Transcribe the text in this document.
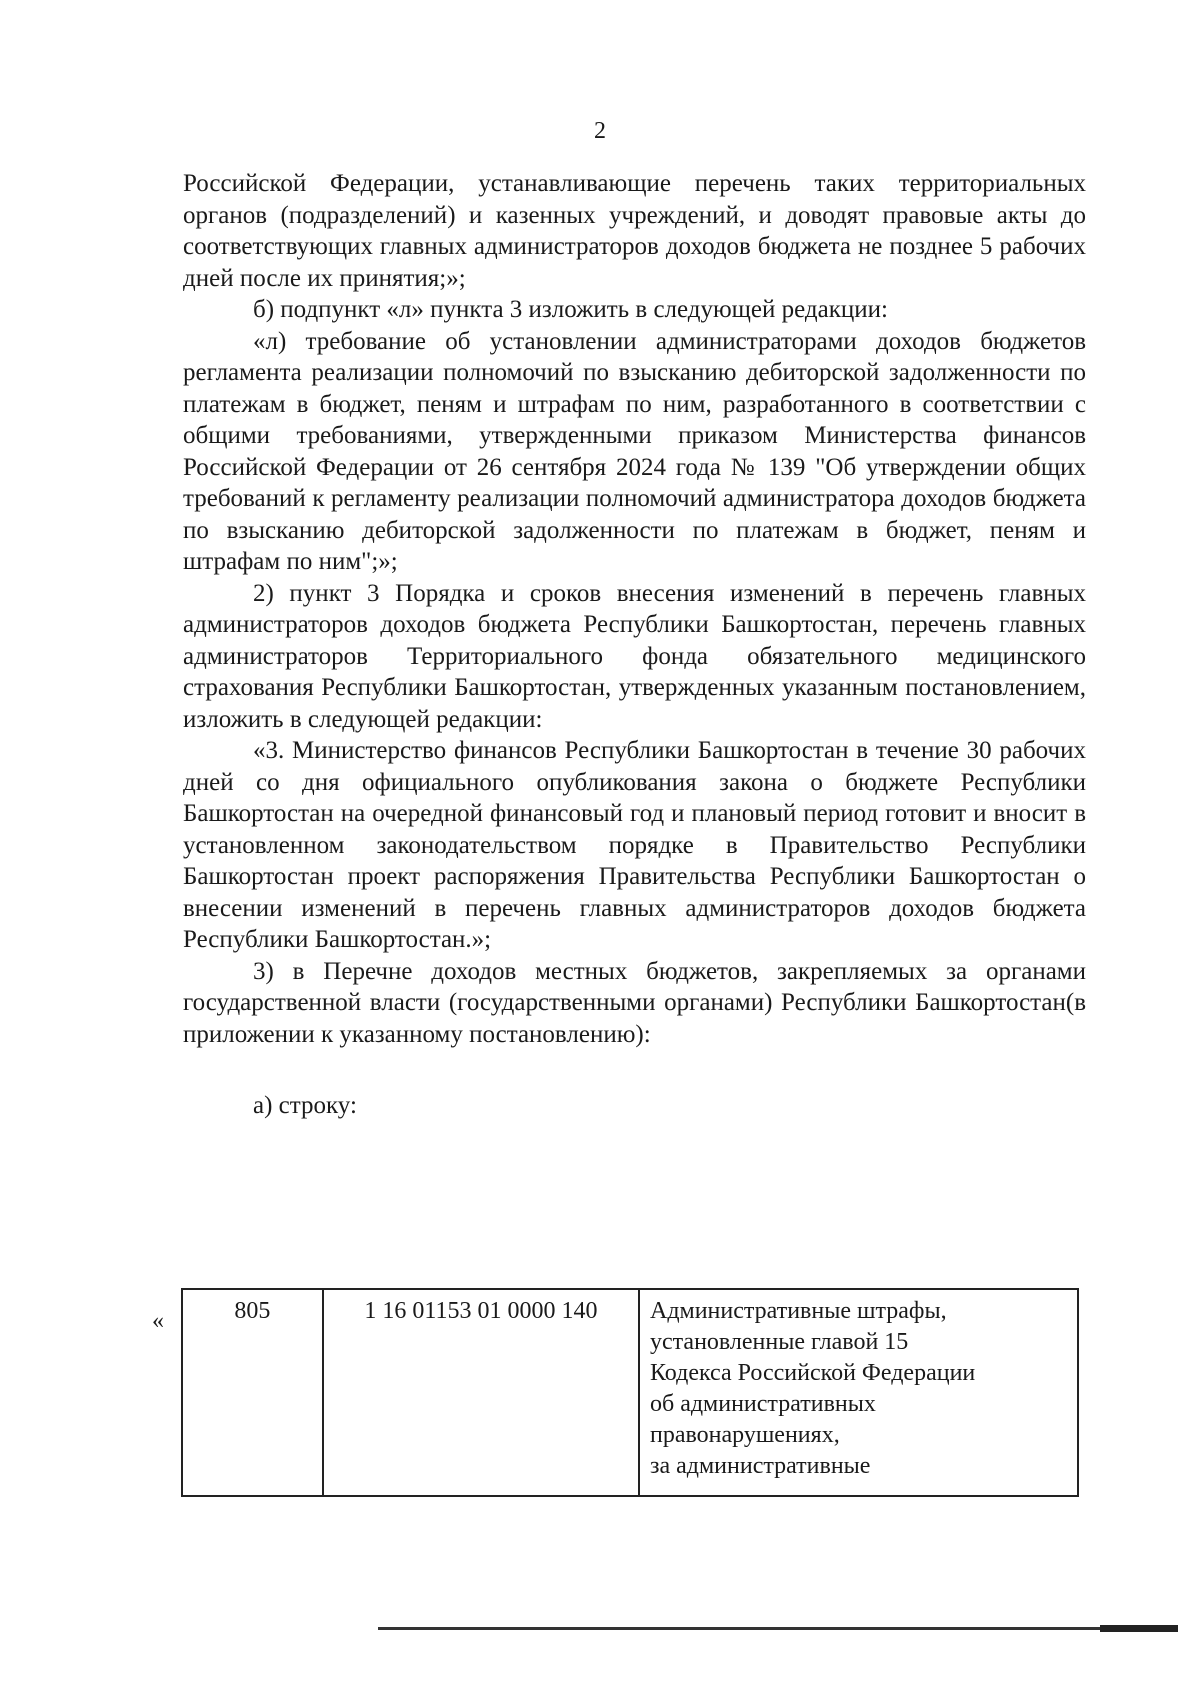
2

Российской Федерации, устанавливающие перечень таких территориальных органов (подразделений) и казенных учреждений, и доводят правовые акты до соответствующих главных администраторов доходов бюджета не позднее 5 рабочих дней после их принятия;»;

б) подпункт «л» пункта 3 изложить в следующей редакции:

«л) требование об установлении администраторами доходов бюджетов регламента реализации полномочий по взысканию дебиторской задолженности по платежам в бюджет, пеням и штрафам по ним, разработанного в соответствии с общими требованиями, утвержденными приказом Министерства финансов Российской Федерации от 26 сентября 2024 года № 139 "Об утверждении общих требований к регламенту реализации полномочий администратора доходов бюджета по взысканию дебиторской задолженности по платежам в бюджет, пеням и штрафам по ним";»;

2) пункт 3 Порядка и сроков внесения изменений в перечень главных администраторов доходов бюджета Республики Башкортостан, перечень главных администраторов Территориального фонда обязательного медицинского страхования Республики Башкортостан, утвержденных указанным постановлением, изложить в следующей редакции:

«3. Министерство финансов Республики Башкортостан в течение 30 рабочих дней со дня официального опубликования закона о бюджете Республики Башкортостан на очередной финансовый год и плановый период готовит и вносит в установленном законодательством порядке в Правительство Республики Башкортостан проект распоряжения Правительства Республики Башкортостан о внесении изменений в перечень главных администраторов доходов бюджета Республики Башкортостан.»;

3) в Перечне доходов местных бюджетов, закрепляемых за органами государственной власти (государственными органами) Республики Башкортостан(в приложении к указанному постановлению):

а) строку:

«	805	1 16 01153 01 0000 140	Административные штрафы,
установленные главой 15
Кодекса Российской Федерации
об административных
правонарушениях,
за административные
